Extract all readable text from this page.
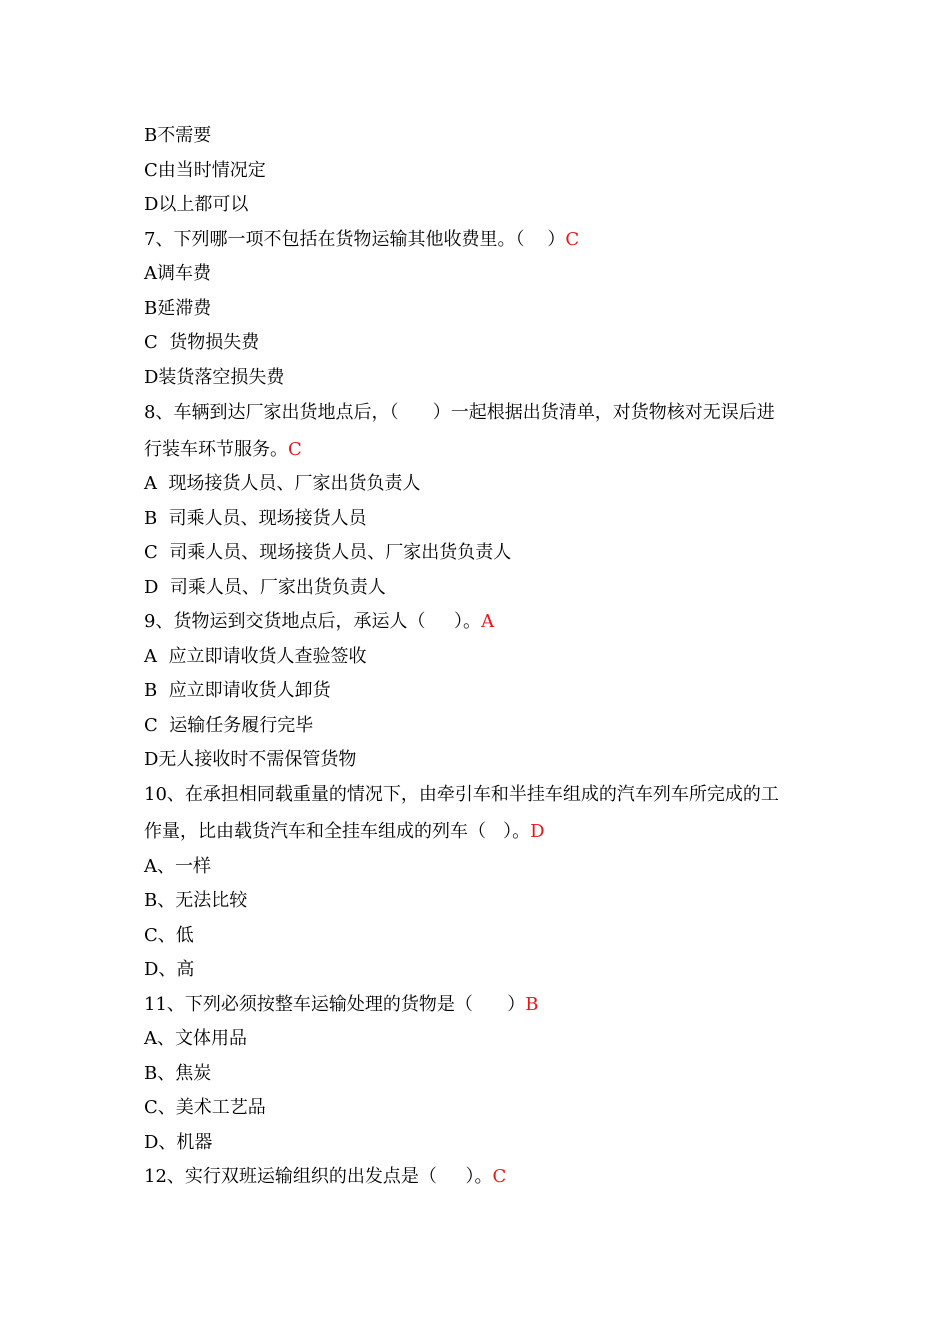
B不需要
C由当时情况定
D以上都可以
7、下列哪一项不包括在货物运输其他收费里。（    ）C
A调车费
B延滞费
C  货物损失费
D装货落空损失费
8、车辆到达厂家出货地点后，（      ）一起根据出货清单，对货物核对无误后进
行装车环节服务。C
A  现场接货人员、厂家出货负责人
B  司乘人员、现场接货人员
C  司乘人员、现场接货人员、厂家出货负责人
D  司乘人员、厂家出货负责人
9、货物运到交货地点后，承运人（     ）。A
A  应立即请收货人查验签收
B  应立即请收货人卸货
C  运输任务履行完毕
D无人接收时不需保管货物
10、在承担相同载重量的情况下，由牵引车和半挂车组成的汽车列车所完成的工
作量，比由载货汽车和全挂车组成的列车（   ）。D
A、一样
B、无法比较
C、低
D、高
11、下列必须按整车运输处理的货物是（      ）B
A、文体用品
B、焦炭
C、美术工艺品
D、机器
12、实行双班运输组织的出发点是（     ）。C
